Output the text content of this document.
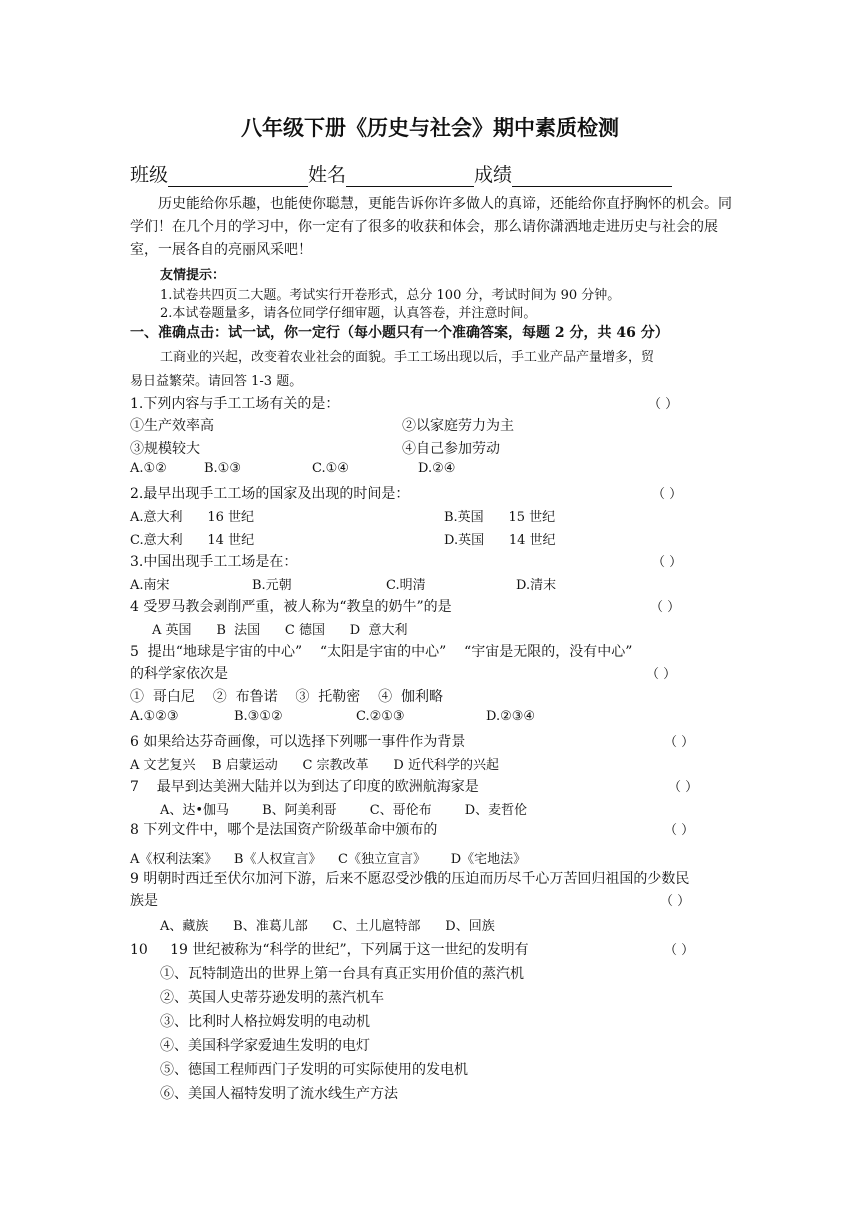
八年级下册《历史与社会》期中素质检测
班级	姓名	成绩
历史能给你乐趣，也能使你聪慧，更能告诉你许多做人的真谛，还能给你直抒胸怀的机会。同学们！在几个月的学习中，你一定有了很多的收获和体会，那么请你潇洒地走进历史与社会的展室，一展各自的亮丽风采吧！
友情提示：
1.试卷共四页二大题。考试实行开卷形式，总分 100 分，考试时间为 90 分钟。
2.本试卷题量多，请各位同学仔细审题，认真答卷，并注意时间。
一、准确点击：试一试，你一定行（每小题只有一个准确答案，每题 2 分，共 46 分）
工商业的兴起，改变着农业社会的面貌。手工工场出现以后，手工业产品产量增多，贸
易日益繁荣。请回答 1-3 题。
1.下列内容与手工工场有关的是：	（ ）
①生产效率高	②以家庭劳力为主
③规模较大	④自己参加劳动
A.①②	B.①③	C.①④	D.②④
2.最早出现手工工场的国家及出现的时间是：	（ ）
A.意大利      16 世纪	B.英国      15 世纪
C.意大利      14 世纪	D.英国      14 世纪
3.中国出现手工工场是在：	（ ）
A.南宋	B.元朝	C.明清	D.清末
4 受罗马教会剥削严重，被人称为“教皇的奶牛”的是	（ ）
A 英国      B  法国      C 德国      D  意大利
5  提出“地球是宇宙的中心”    “太阳是宇宙的中心”    “宇宙是无限的，没有中心”
的科学家依次是	（ ）
①  哥白尼    ②  布鲁诺    ③  托勒密    ④  伽利略
A.①②③	B.③①②	C.②①③	D.②③④
6 如果给达芬奇画像，可以选择下列哪一事件作为背景	（ ）
A 文艺复兴    B 启蒙运动      C 宗教改革      D 近代科学的兴起
7    最早到达美洲大陆并以为到达了印度的欧洲航海家是	（ ）
A、达•伽马        B、阿美利哥        C、哥伦布        D、麦哲伦
8 下列文件中，哪个是法国资产阶级革命中颁布的	（ ）
A《权利法案》    B《人权宣言》    C《独立宣言》      D《宅地法》
9 明朝时西迁至伏尔加河下游，后来不愿忍受沙俄的压迫而历尽千心万苦回归祖国的少数民
族是	（ ）
A、藏族      B、准葛儿部      C、土儿扈特部      D、回族
10     19 世纪被称为“科学的世纪”，下列属于这一世纪的发明有	（ ）
①、瓦特制造出的世界上第一台具有真正实用价值的蒸汽机
②、英国人史蒂芬逊发明的蒸汽机车
③、比利时人格拉姆发明的电动机
④、美国科学家爱迪生发明的电灯
⑤、德国工程师西门子发明的可实际使用的发电机
⑥、美国人福特发明了流水线生产方法
